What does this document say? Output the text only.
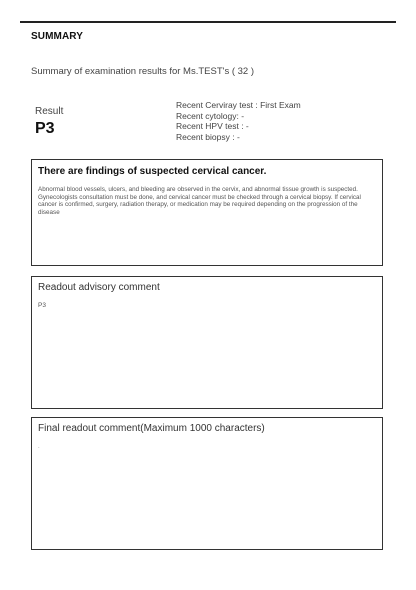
SUMMARY
Summary of examination results for Ms.TEST's ( 32 )
Result
P3
Recent Cerviray test : First Exam
Recent cytology: -
Recent HPV test : -
Recent biopsy : -
There are findings of suspected cervical cancer.
Abnormal blood vessels, ulcers, and bleeding are observed in the cervix, and abnormal tissue growth is suspected. Gynecologists consultation must be done, and cervical cancer must be checked through a cervical biopsy. If cervical cancer is confirmed, surgery, radiation therapy, or medication may be required depending on the progression of the disease
Readout advisory comment
P3
Final readout comment(Maximum 1000 characters)
.
